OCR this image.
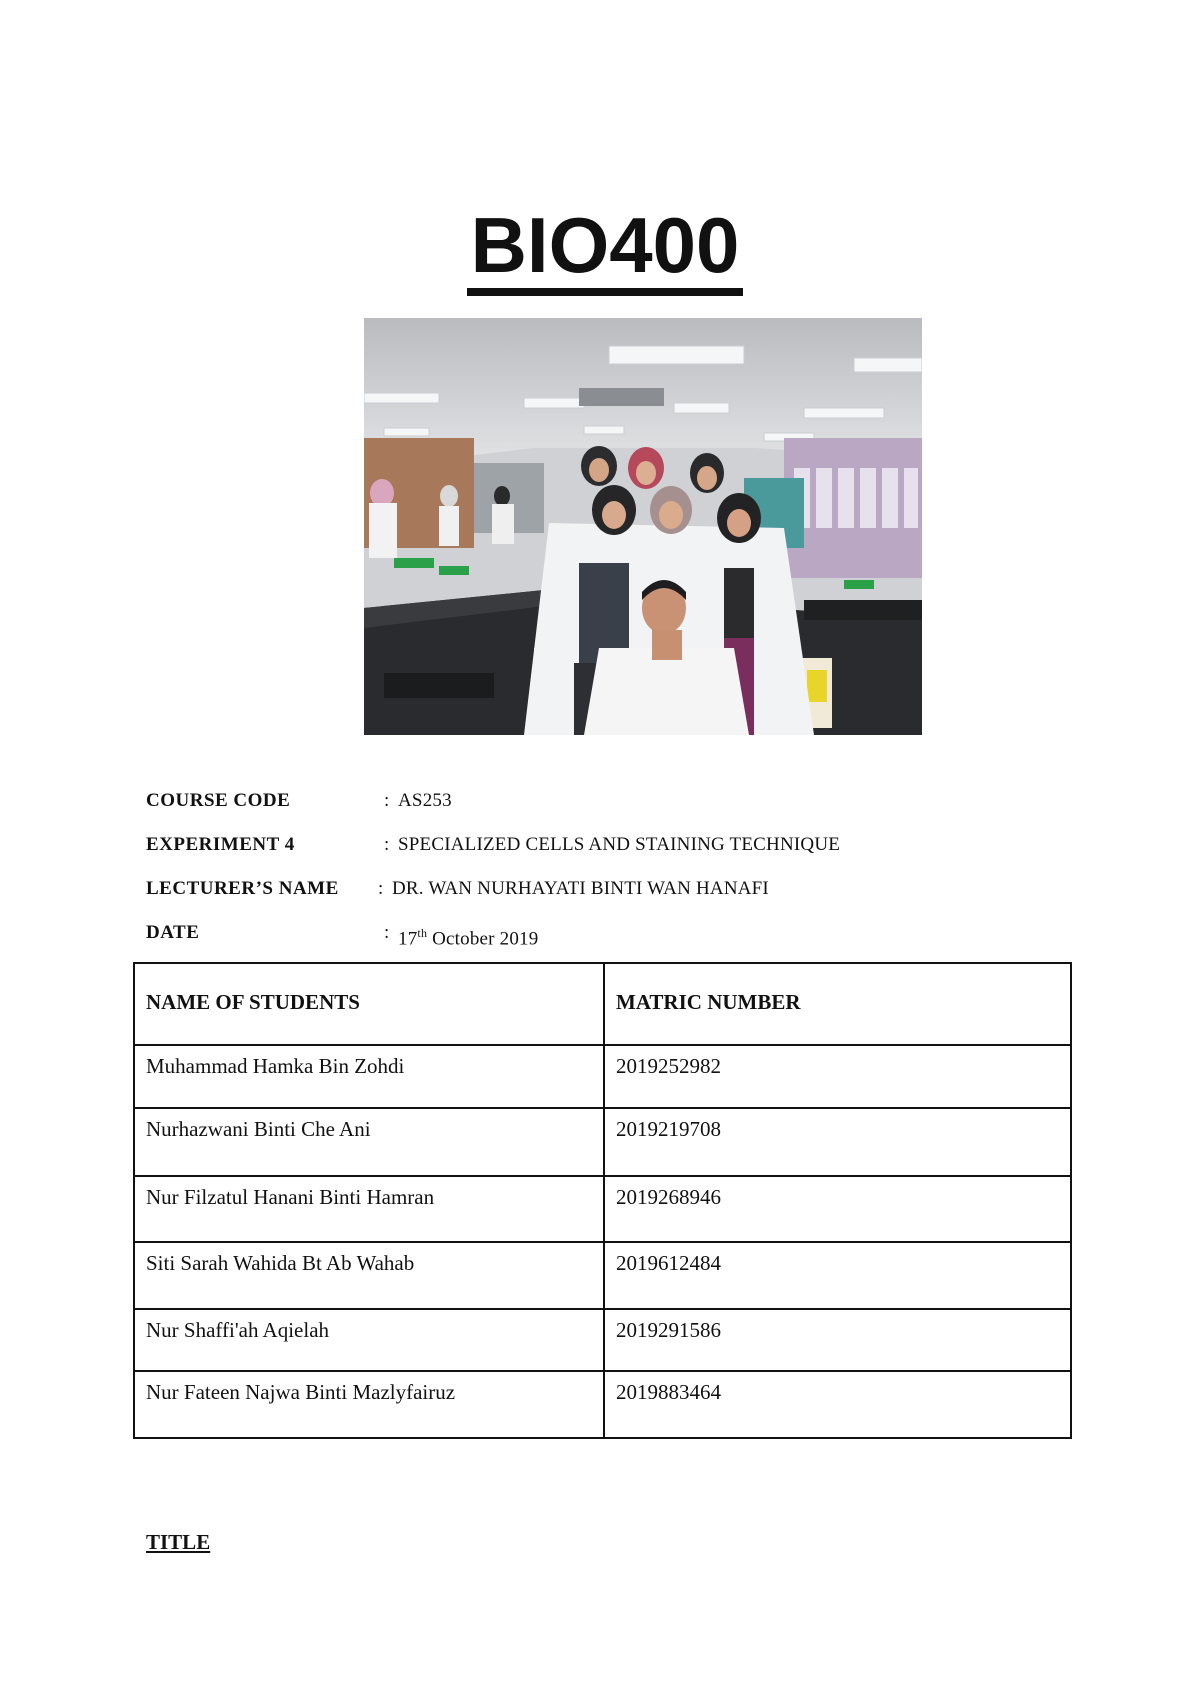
BIO400
COURSE CODE	: AS253
EXPERIMENT 4	: SPECIALIZED CELLS AND STAINING TECHNIQUE
LECTURER’S NAME : DR. WAN NURHAYATI BINTI WAN HANAFI
DATE	: 17th October 2019
NAME OF STUDENTS	MATRIC NUMBER
Muhammad Hamka Bin Zohdi	2019252982
Nurhazwani Binti Che Ani	2019219708
Nur Filzatul Hanani Binti Hamran	2019268946
Siti Sarah Wahida Bt Ab Wahab	2019612484
Nur Shaffi'ah Aqielah	2019291586
Nur Fateen Najwa Binti Mazlyfairuz	2019883464
TITLE
